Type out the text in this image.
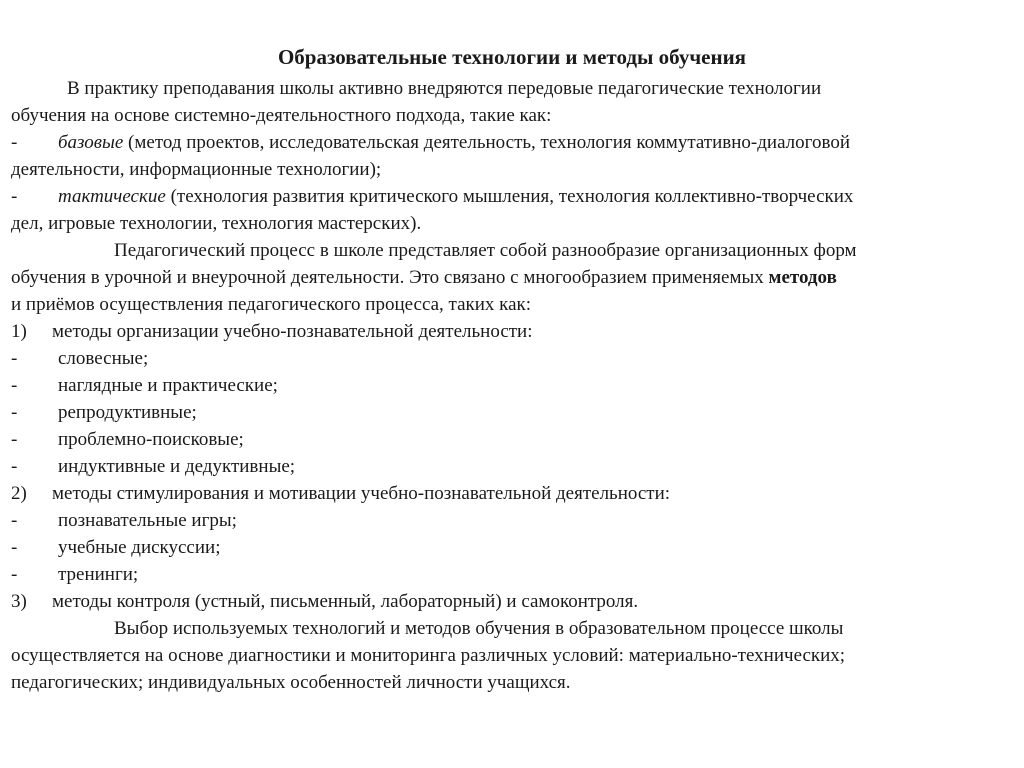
Образовательные технологии и методы обучения
В практику преподавания школы активно внедряются передовые педагогические технологии
обучения на основе системно-деятельностного подхода, такие как:
- базовые (метод проектов, исследовательская деятельность, технология коммутативно-диалоговой
деятельности, информационные технологии);
- тактические (технология развития критического мышления, технология коллективно-творческих
дел, игровые технологии, технология мастерских).
Педагогический процесс в школе представляет собой разнообразие организационных форм
обучения в урочной и внеурочной деятельности. Это связано с многообразием применяемых методов
и приёмов осуществления педагогического процесса, таких как:
1) методы организации учебно-познавательной деятельности:
- словесные;
- наглядные и практические;
- репродуктивные;
- проблемно-поисковые;
- индуктивные и дедуктивные;
2) методы стимулирования и мотивации учебно-познавательной деятельности:
- познавательные игры;
- учебные дискуссии;
- тренинги;
3) методы контроля (устный, письменный, лабораторный) и самоконтроля.
Выбор используемых технологий и методов обучения в образовательном процессе школы
осуществляется на основе диагностики и мониторинга различных условий: материально-технических;
педагогических; индивидуальных особенностей личности учащихся.
